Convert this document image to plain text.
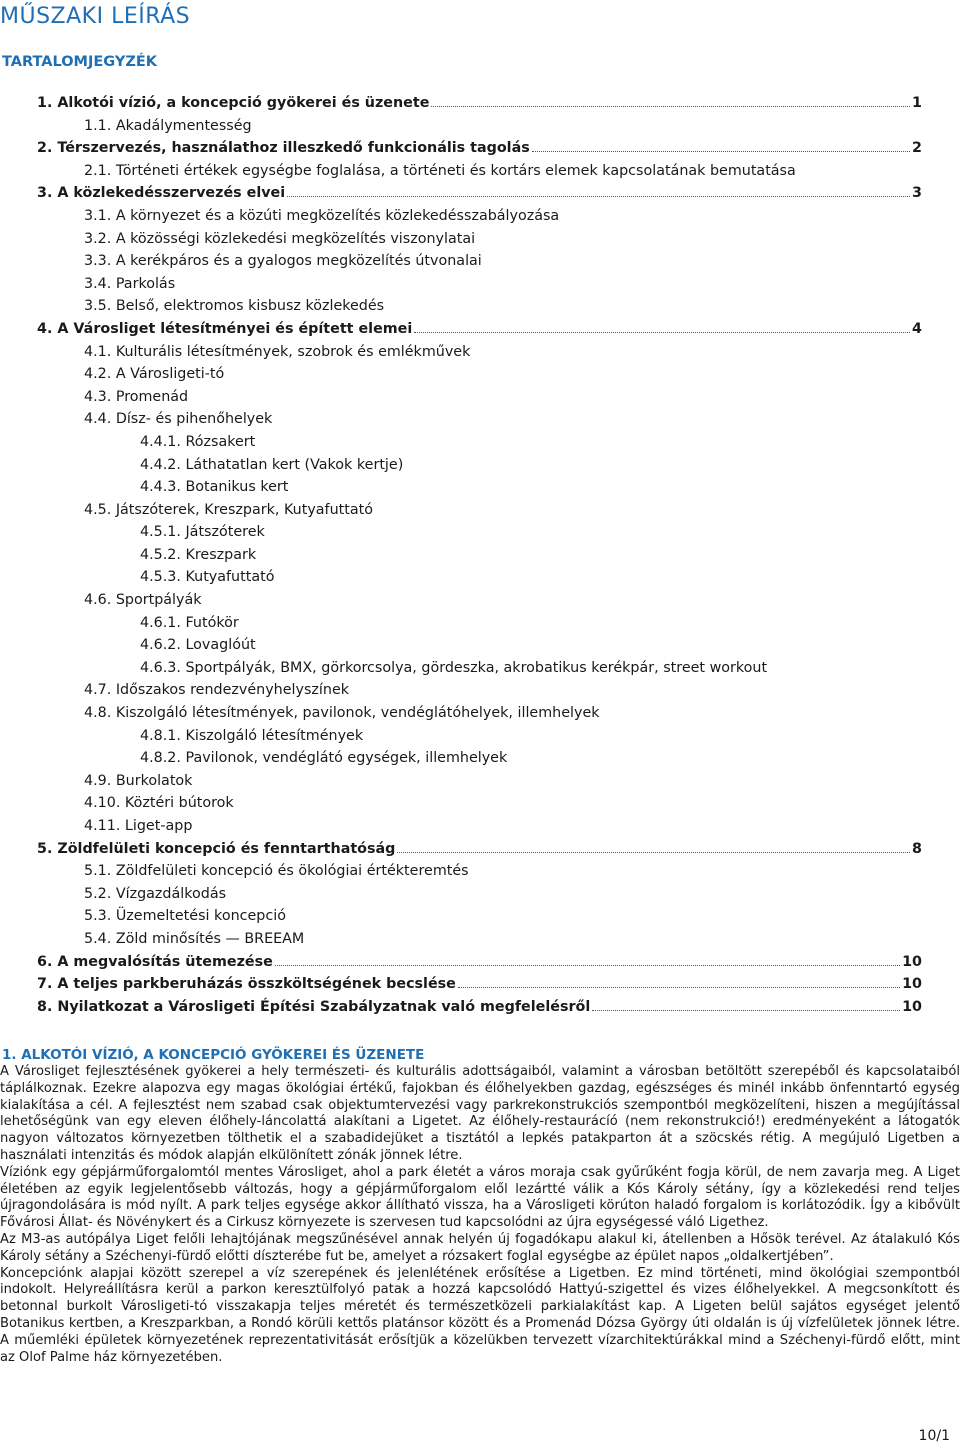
MŰSZAKI LEÍRÁS
TARTALOMJEGYZÉK
1. Alkotói vízió, a koncepció gyökerei és üzenete	1
1.1. Akadálymentesség
2. Térszervezés, használathoz illeszkedő funkcionális tagolás	2
2.1. Történeti értékek egységbe foglalása, a történeti és kortárs elemek kapcsolatának bemutatása
3. A közlekedésszervezés elvei	3
3.1. A környezet és a közúti megközelítés közlekedésszabályozása
3.2. A közösségi közlekedési megközelítés viszonylatai
3.3. A kerékpáros és a gyalogos megközelítés útvonalai
3.4. Parkolás
3.5. Belső, elektromos kisbusz közlekedés
4. A Városliget létesítményei és épített elemei	4
4.1. Kulturális létesítmények, szobrok és emlékművek
4.2. A Városligeti-tó
4.3. Promenád
4.4. Dísz- és pihenőhelyek
4.4.1. Rózsakert
4.4.2. Láthatatlan kert (Vakok kertje)
4.4.3. Botanikus kert
4.5. Játszóterek, Kreszpark, Kutyafuttató
4.5.1. Játszóterek
4.5.2. Kreszpark
4.5.3. Kutyafuttató
4.6. Sportpályák
4.6.1. Futókör
4.6.2. Lovaglóút
4.6.3. Sportpályák, BMX, görkorcsolya, gördeszka, akrobatikus kerékpár, street workout
4.7. Időszakos rendezvényhelyszínek
4.8. Kiszolgáló létesítmények, pavilonok, vendéglátóhelyek, illemhelyek
4.8.1. Kiszolgáló létesítmények
4.8.2. Pavilonok, vendéglátó egységek, illemhelyek
4.9. Burkolatok
4.10. Köztéri bútorok
4.11. Liget-app
5. Zöldfelületi koncepció és fenntarthatóság	8
5.1. Zöldfelületi koncepció és ökológiai értékteremtés
5.2. Vízgazdálkodás
5.3. Üzemeltetési koncepció
5.4. Zöld minősítés — BREEAM
6. A megvalósítás ütemezése	10
7. A teljes parkberuházás összköltségének becslése	10
8. Nyilatkozat a Városligeti Építési Szabályzatnak való megfelelésről	10
1. ALKOTÓI VÍZIÓ, A KONCEPCIÓ GYÖKEREI ÉS ÜZENETE

A Városliget fejlesztésének gyökerei a hely természeti- és kulturális adottságaiból, valamint a városban betöltött szerepéből és kapcsolataiból táplálkoznak. Ezekre alapozva egy magas ökológiai értékű, fajokban és élőhelyekben gazdag, egészséges és minél inkább önfenntartó egység kialakítása a cél. A fejlesztést nem szabad csak objektumtervezési vagy parkrekonstrukciós szempontból megközelíteni, hiszen a megújítással lehetőségünk van egy eleven élőhely-láncolattá alakítani a Ligetet. Az élőhely-restaurácíó (nem rekonstrukció!) eredményeként a látogatók nagyon változatos környezetben tölthetik el a szabadidejüket a tisztától a lepkés patakparton át a szöcskés rétig. A megújuló Ligetben a használati intenzitás és módok alapján elkülönített zónák jönnek létre.

Víziónk egy gépjárműforgalomtól mentes Városliget, ahol a park életét a város moraja csak gyűrűként fogja körül, de nem zavarja meg. A Liget életében az egyik legjelentősebb változás, hogy a gépjárműforgalom elől lezártté válik a Kós Károly sétány, így a közlekedési rend teljes újragondolására is mód nyílt. A park teljes egysége akkor állítható vissza, ha a Városligeti körúton haladó forgalom is korlátozódik. Így a kibővült Fővárosi Állat- és Növénykert és a Cirkusz környezete is szervesen tud kapcsolódni az újra egységessé váló Ligethez.

Az M3-as autópálya Liget felőli lehajtójának megszűnésével annak helyén új fogadókapu alakul ki, átellenben a Hősök terével. Az átalakuló Kós Károly sétány a Széchenyi-fürdő előtti díszterébe fut be, amelyet a rózsakert foglal egységbe az épület napos „oldalkertjében”.

Koncepciónk alapjai között szerepel a víz szerepének és jelenlétének erősítése a Ligetben. Ez mind történeti, mind ökológiai szempontból indokolt. Helyreállításra kerül a parkon keresztülfolyó patak a hozzá kapcsolódó Hattyú-szigettel és vizes élőhelyekkel. A megcsonkított és betonnal burkolt Városligeti-tó visszakapja teljes méretét és természetközeli parkialakítást kap. A Ligeten belül sajátos egységet jelentő Botanikus kertben, a Kreszparkban, a Rondó körüli kettős platánsor között és a Promenád Dózsa György úti oldalán is új vízfelületek jönnek létre. A műemléki épületek környezetének reprezentativitását erősítjük a közelükben tervezett vízarchitektúrákkal mind a Széchenyi-fürdő előtt, mint az Olof Palme ház környezetében.

10/1
